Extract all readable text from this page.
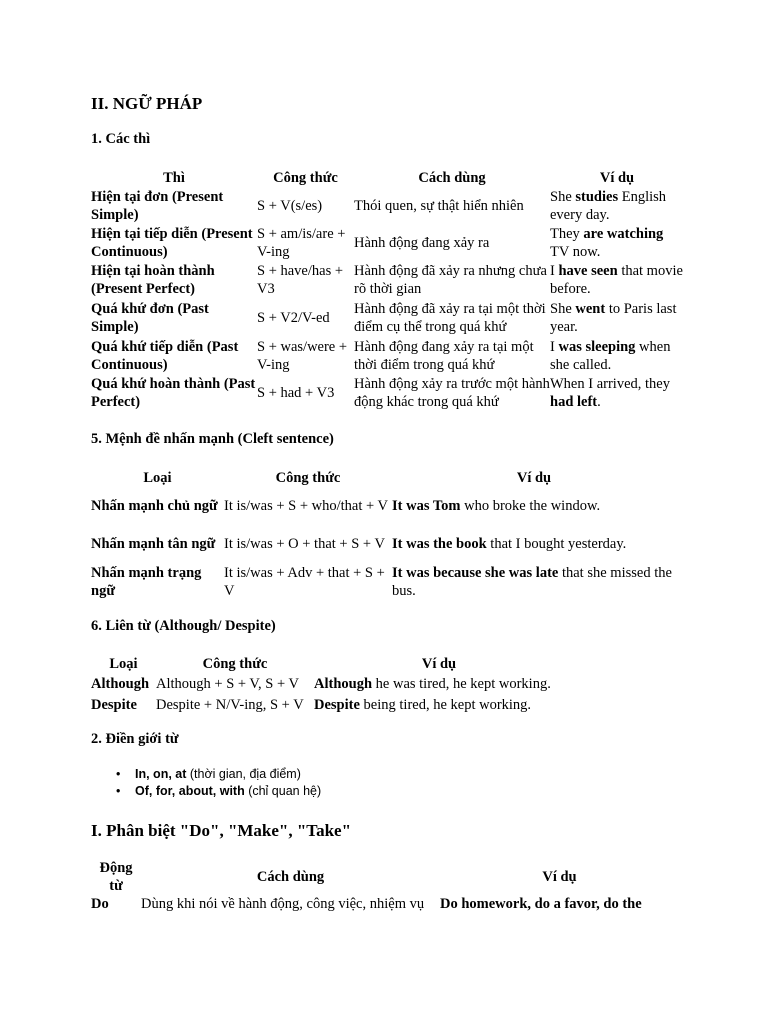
II. NGỮ PHÁP
1. Các thì
Thì	Công thức	Cách dùng	Ví dụ
Hiện tại đơn (Present Simple)	S + V(s/es)	Thói quen, sự thật hiển nhiên	She studies English every day.
Hiện tại tiếp diễn (Present Continuous)	S + am/is/are + V-ing	Hành động đang xảy ra	They are watching TV now.
Hiện tại hoàn thành (Present Perfect)	S + have/has + V3	Hành động đã xảy ra nhưng chưa rõ thời gian	I have seen that movie before.
Quá khứ đơn (Past Simple)	S + V2/V-ed	Hành động đã xảy ra tại một thời điểm cụ thể trong quá khứ	She went to Paris last year.
Quá khứ tiếp diễn (Past Continuous)	S + was/were + V-ing	Hành động đang xảy ra tại một thời điểm trong quá khứ	I was sleeping when she called.
Quá khứ hoàn thành (Past Perfect)	S + had + V3	Hành động xảy ra trước một hành động khác trong quá khứ	When I arrived, they had left.
5. Mệnh đề nhấn mạnh (Cleft sentence)
Loại	Công thức	Ví dụ
Nhấn mạnh chủ ngữ	It is/was + S + who/that + V	It was Tom who broke the window.
Nhấn mạnh tân ngữ	It is/was + O + that + S + V	It was the book that I bought yesterday.
Nhấn mạnh trạng ngữ	It is/was + Adv + that + S + V	It was because she was late that she missed the bus.
6. Liên từ (Although/ Despite)
Loại	Công thức	Ví dụ
Although	Although + S + V, S + V	Although he was tired, he kept working.
Despite	Despite + N/V-ing, S + V	Despite being tired, he kept working.
2. Điền giới từ
• In, on, at (thời gian, địa điểm)
• Of, for, about, with (chỉ quan hệ)
I. Phân biệt "Do", "Make", "Take"
Động từ	Cách dùng	Ví dụ
Do	Dùng khi nói về hành động, công việc, nhiệm vụ	Do homework, do a favor, do the
